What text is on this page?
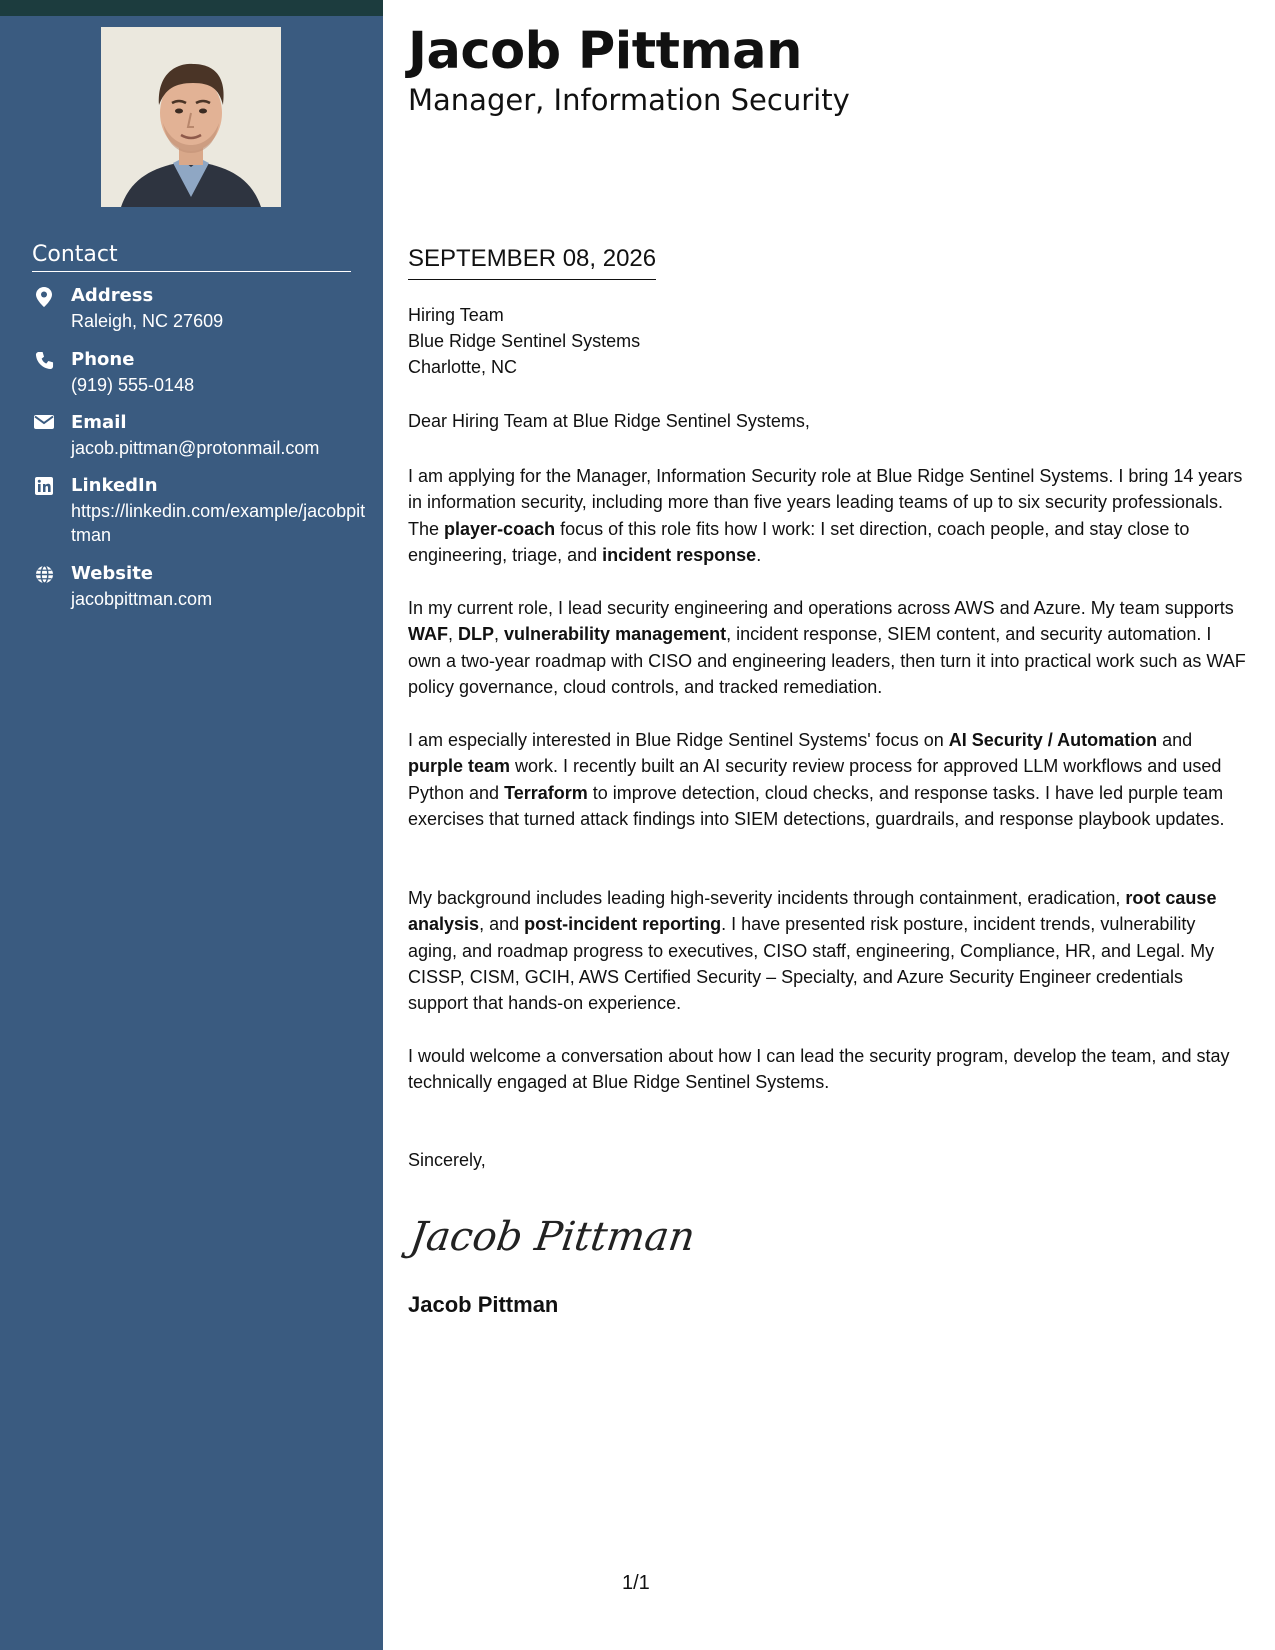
Contact
Address
Raleigh, NC 27609
Phone
(919) 555-0148
Email
jacob.pittman@protonmail.com
LinkedIn
https://linkedin.com/example/jacobpittman
Website
jacobpittman.com
Jacob Pittman
Manager, Information Security
SEPTEMBER 08, 2026
Hiring Team
Blue Ridge Sentinel Systems
Charlotte, NC
Dear Hiring Team at Blue Ridge Sentinel Systems,
I am applying for the Manager, Information Security role at Blue Ridge Sentinel Systems. I bring 14 years in information security, including more than five years leading teams of up to six security professionals. The player-coach focus of this role fits how I work: I set direction, coach people, and stay close to engineering, triage, and incident response.
In my current role, I lead security engineering and operations across AWS and Azure. My team supports WAF, DLP, vulnerability management, incident response, SIEM content, and security automation. I own a two-year roadmap with CISO and engineering leaders, then turn it into practical work such as WAF policy governance, cloud controls, and tracked remediation.
I am especially interested in Blue Ridge Sentinel Systems' focus on AI Security / Automation and purple team work. I recently built an AI security review process for approved LLM workflows and used Python and Terraform to improve detection, cloud checks, and response tasks. I have led purple team exercises that turned attack findings into SIEM detections, guardrails, and response playbook updates.
My background includes leading high-severity incidents through containment, eradication, root cause analysis, and post-incident reporting. I have presented risk posture, incident trends, vulnerability aging, and roadmap progress to executives, CISO staff, engineering, Compliance, HR, and Legal. My CISSP, CISM, GCIH, AWS Certified Security – Specialty, and Azure Security Engineer credentials support that hands-on experience.
I would welcome a conversation about how I can lead the security program, develop the team, and stay technically engaged at Blue Ridge Sentinel Systems.
Sincerely,
Jacob Pittman
Jacob Pittman
1/1
